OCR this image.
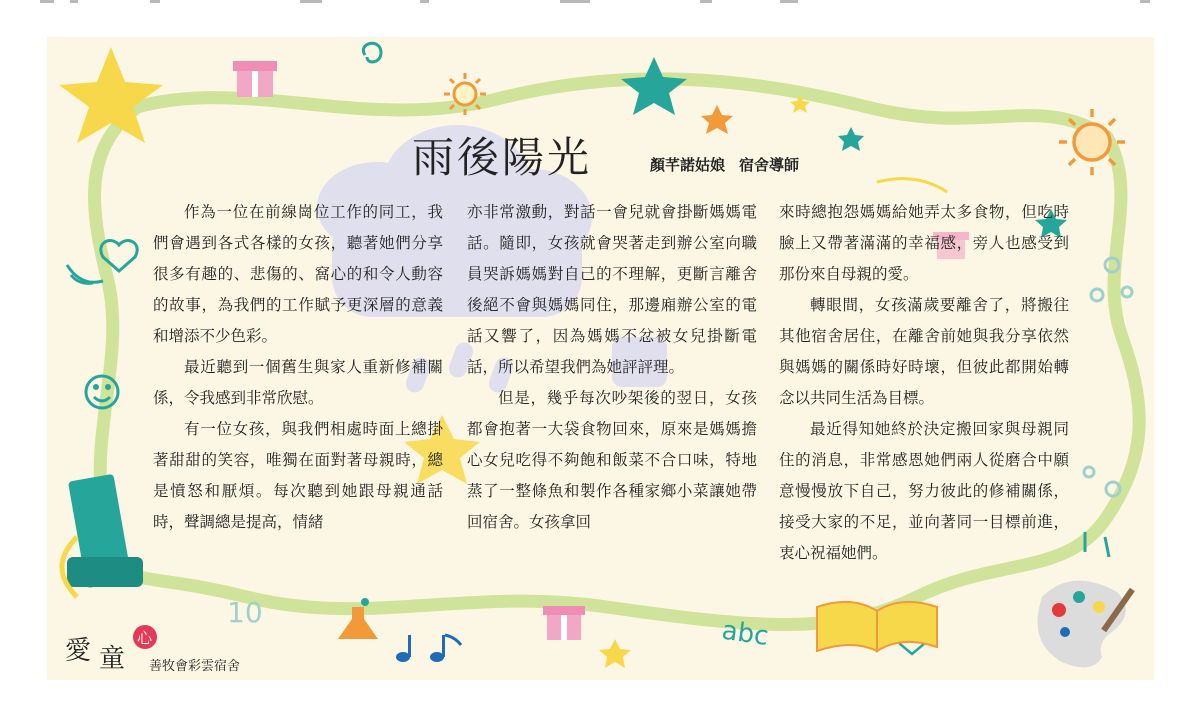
10
abc
雨後陽光	顏芊諾姑娘 宿舍導師

作為一位在前線崗位工作的同工，我們會遇到各式各樣的女孩，聽著她們分享很多有趣的、悲傷的、窩心的和令人動容的故事，為我們的工作賦予更深層的意義和增添不少色彩。

最近聽到一個舊生與家人重新修補關係，令我感到非常欣慰。

有一位女孩，與我們相處時面上總掛著甜甜的笑容，唯獨在面對著母親時，總是憤怒和厭煩。每次聽到她跟母親通話時，聲調總是提高，情緒

亦非常激動，對話一會兒就會掛斷媽媽電話。隨即，女孩就會哭著走到辦公室向職員哭訴媽媽對自己的不理解，更斷言離舍後絕不會與媽媽同住，那邊廂辦公室的電話又響了，因為媽媽不忿被女兒掛斷電話，所以希望我們為她評評理。

但是，幾乎每次吵架後的翌日，女孩都會抱著一大袋食物回來，原來是媽媽擔心女兒吃得不夠飽和飯菜不合口味，特地蒸了一整條魚和製作各種家鄉小菜讓她帶回宿舍。女孩拿回

來時總抱怨媽媽給她弄太多食物，但吃時臉上又帶著滿滿的幸福感，旁人也感受到那份來自母親的愛。

轉眼間，女孩滿歲要離舍了，將搬往其他宿舍居住，在離舍前她與我分享依然與媽媽的關係時好時壞，但彼此都開始轉念以共同生活為目標。

最近得知她終於決定搬回家與母親同住的消息，非常感恩她們兩人從磨合中願意慢慢放下自己，努力彼此的修補關係，接受大家的不足，並向著同一目標前進，衷心祝福她們。

愛 童
心
善牧會彩雲宿舍
